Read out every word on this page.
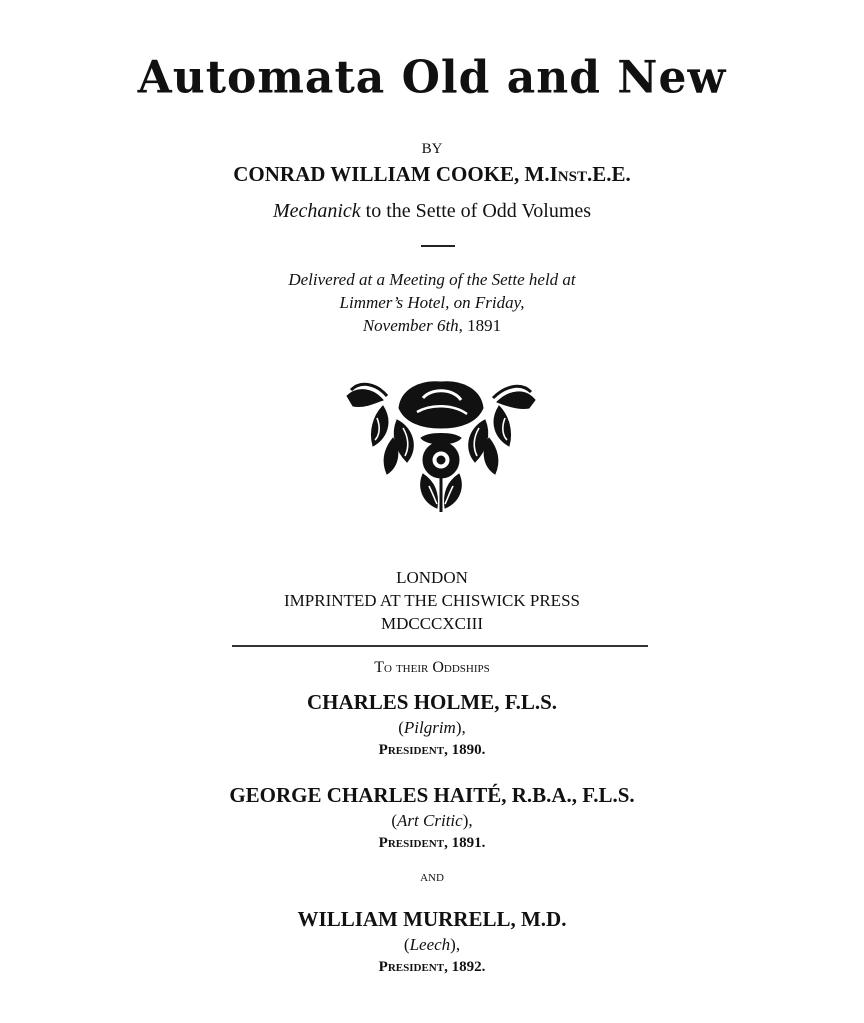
Automata Old and New
BY
CONRAD WILLIAM COOKE, M.INST.E.E.
Mechanick to the Sette of Odd Volumes
Delivered at a Meeting of the Sette held at
Limmer’s Hotel, on Friday,
November 6th, 1891
LONDON
IMPRINTED AT THE CHISWICK PRESS
MDCCCXCIII
To their Oddships
CHARLES HOLME, F.L.S.
(Pilgrim),
President, 1890.
GEORGE CHARLES HAITÉ, R.B.A., F.L.S.
(Art Critic),
President, 1891.
and
WILLIAM MURRELL, M.D.
(Leech),
President, 1892.
